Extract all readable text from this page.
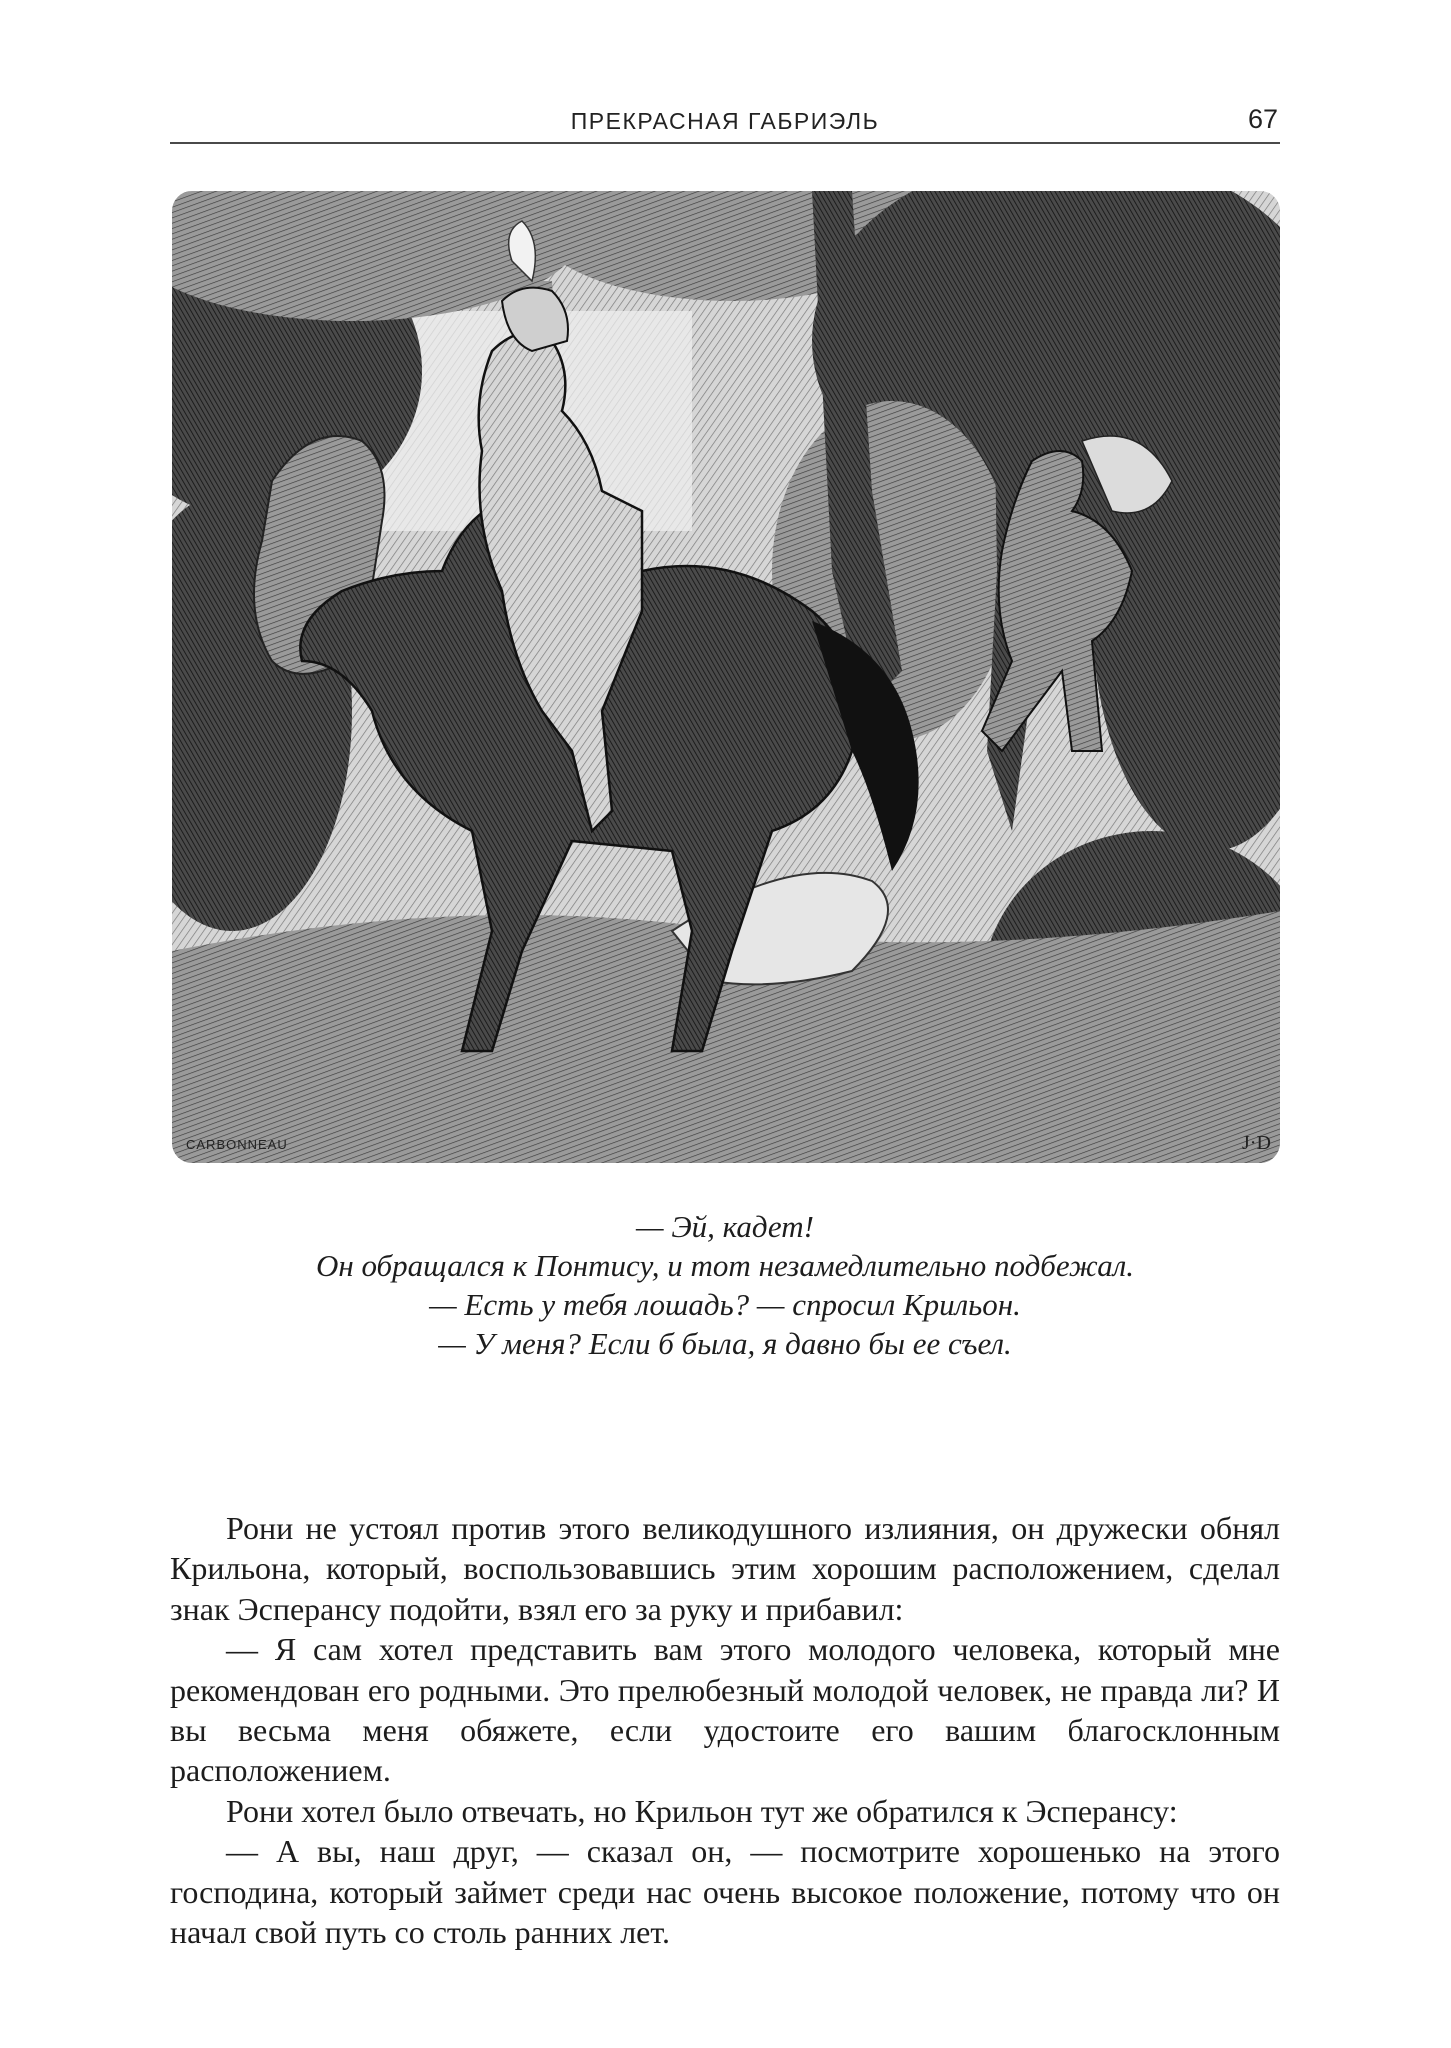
ПРЕКРАСНАЯ ГАБРИЭЛЬ	67
CARBONNEAU	J·D

— Эй, кадет!

Он обращался к Понтису, и тот незамедлительно подбежал.

— Есть у тебя лошадь? — спросил Крильон.

— У меня? Если б была, я давно бы ее съел.

Рони не устоял против этого великодушного излияния, он дружески обнял Крильона, который, воспользовавшись этим хорошим расположением, сделал знак Эсперансу подойти, взял его за руку и прибавил:

— Я сам хотел представить вам этого молодого человека, который мне рекомендован его родными. Это прелюбезный молодой человек, не правда ли? И вы весьма меня обяжете, если удостоите его вашим благосклонным расположением.

Рони хотел было отвечать, но Крильон тут же обратился к Эсперансу:

— А вы, наш друг, — сказал он, — посмотрите хорошенько на этого господина, который займет среди нас очень высокое положение, потому что он начал свой путь со столь ранних лет.
